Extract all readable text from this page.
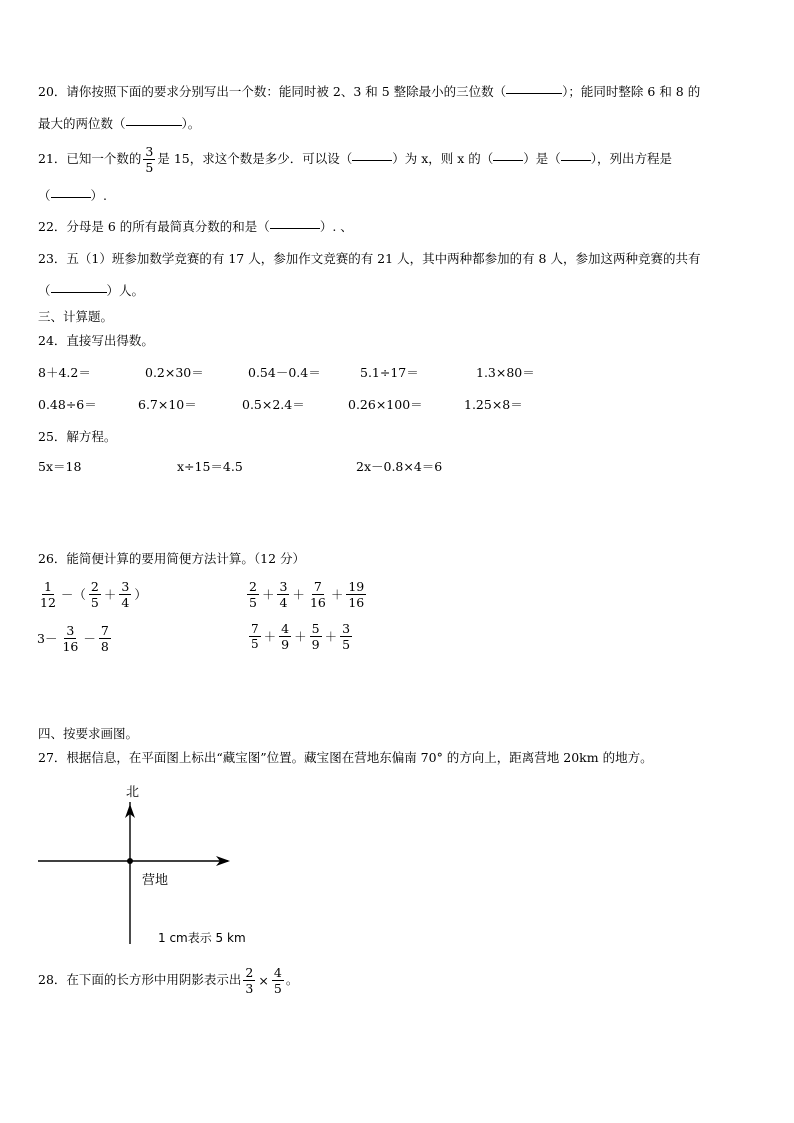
20．请你按照下面的要求分别写出一个数：能同时被 2、3 和 5 整除最小的三位数（	）；能同时整除 6 和 8 的
最大的两位数（	）。
21．已知一个数的 $\frac{3}{5}$ 是 15，求这个数是多少．可以设（	）为 x，则 x 的（ ）是（ ），列出方程是
（	）.
22．分母是 6 的所有最简真分数的和是（	）. 、
23．五（1）班参加数学竞赛的有 17 人，参加作文竞赛的有 21 人，其中两种都参加的有 8 人，参加这两种竞赛的共有
（	）人。
三、计算题。
24．直接写出得数。
8＋4.2＝	0.2×30＝	0.54－0.4＝	5.1÷17＝	1.3×80＝
0.48÷6＝	6.7×10＝	0.5×2.4＝	0.26×100＝	1.25×8＝
25．解方程。
5x＝18	x÷15＝4.5	2x－0.8×4＝6
26．能简便计算的要用简便方法计算。（12 分）
$\frac{1}{12}$ －（ $\frac{2}{5} + \frac{3}{4}$ ）	$\frac{2}{5} + \frac{3}{4} + \frac{7}{16} + \frac{19}{16}$
$3- \frac{3}{16} - \frac{7}{8}$	$\frac{7}{5} + \frac{4}{9} + \frac{5}{9} + \frac{3}{5}$
四、按要求画图。
27．根据信息，在平面图上标出“藏宝图”位置。藏宝图在营地东偏南 70° 的方向上，距离营地 20km 的地方。
北
营地
1 cm表示 5 km
28．在下面的长方形中用阴影表示出 $\frac{2}{3} \times \frac{4}{5}$ 。
